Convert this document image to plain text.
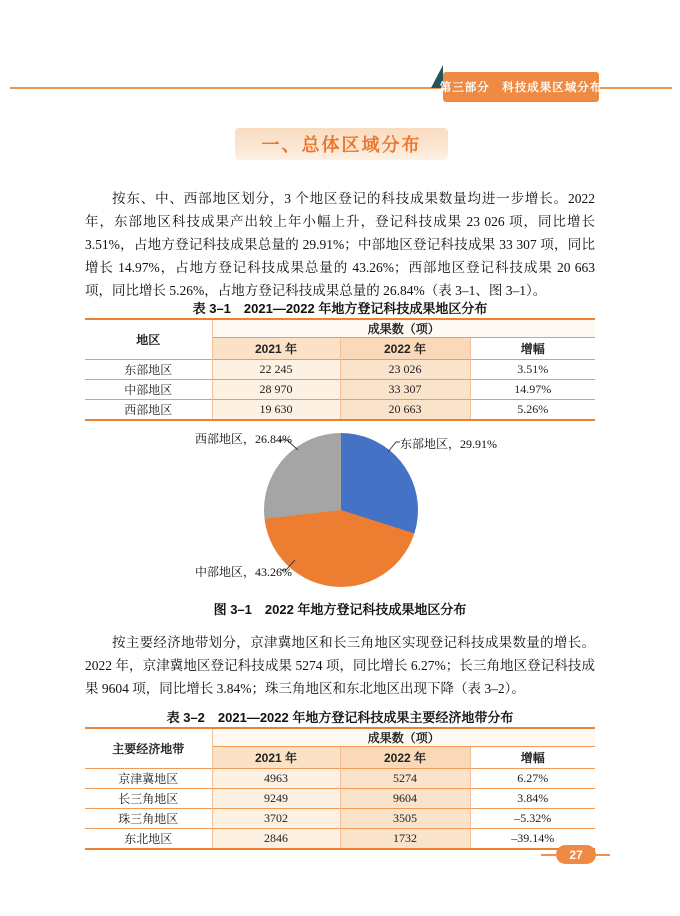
第三部分　科技成果区域分布
一、总体区域分布

按东、中、西部地区划分，3 个地区登记的科技成果数量均进一步增长。2022 年，东部地区科技成果产出较上年小幅上升，登记科技成果 23 026 项，同比增长 3.51%，占地方登记科技成果总量的 29.91%；中部地区登记科技成果 33 307 项，同比增长 14.97%，占地方登记科技成果总量的 43.26%；西部地区登记科技成果 20 663 项，同比增长 5.26%，占地方登记科技成果总量的 26.84%（表 3–1、图 3–1）。

表 3–1　2021—2022 年地方登记科技成果地区分布
地区	成果数（项）		
	2021 年	2022 年	增幅
东部地区	22 245	23 026	3.51%
中部地区	28 970	33 307	14.97%
西部地区	19 630	20 663	5.26%
西部地区，26.84%	东部地区，29.91%
中部地区，43.26%
图 3–1　2022 年地方登记科技成果地区分布

按主要经济地带划分，京津冀地区和长三角地区实现登记科技成果数量的增长。2022 年，京津冀地区登记科技成果 5274 项，同比增长 6.27%；长三角地区登记科技成果 9604 项，同比增长 3.84%；珠三角地区和东北地区出现下降（表 3–2）。

表 3–2　2021—2022 年地方登记科技成果主要经济地带分布
主要经济地带	成果数（项）		
	2021 年	2022 年	增幅
京津冀地区	4963	5274	6.27%
长三角地区	9249	9604	3.84%
珠三角地区	3702	3505	–5.32%
东北地区	2846	1732	–39.14%
27
